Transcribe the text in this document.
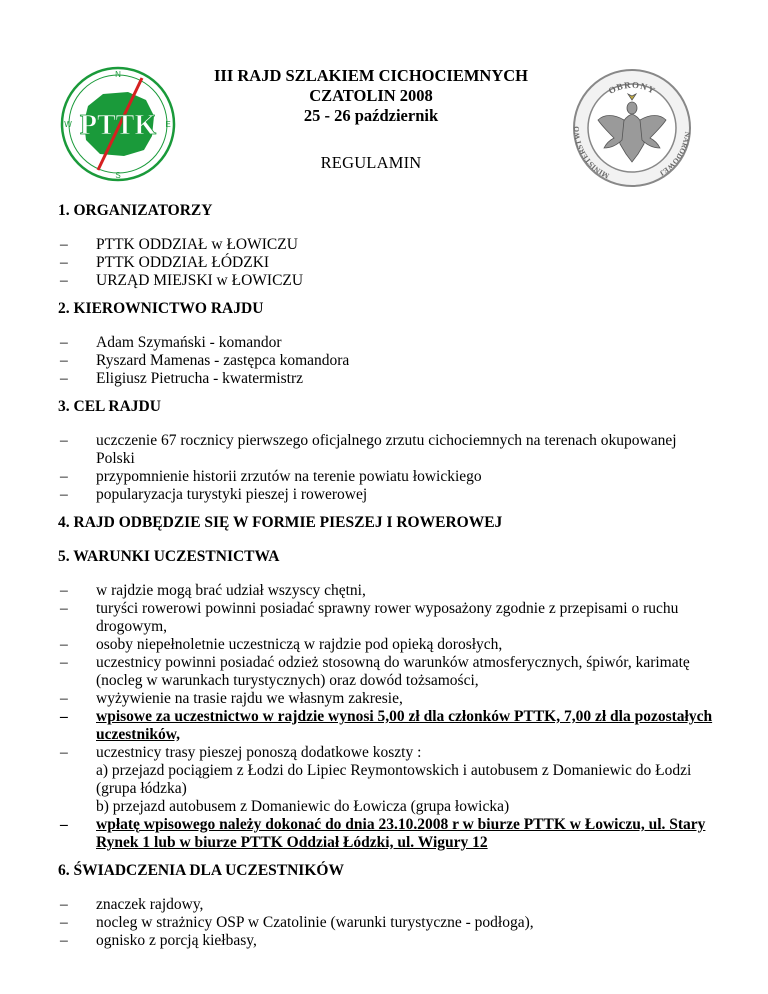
N
E
S
W PTTK
OBRONY
MINISTERSTWO
NARODOWEJ
III RAJD SZLAKIEM CICHOCIEMNYCH
CZATOLIN 2008
25 - 26 październik
REGULAMIN
1. ORGANIZATORZY
– PTTK ODDZIAŁ w ŁOWICZU
– PTTK ODDZIAŁ ŁÓDZKI
– URZĄD MIEJSKI w ŁOWICZU
2. KIEROWNICTWO RAJDU
– Adam Szymański - komandor
– Ryszard Mamenas - zastępca komandora
– Eligiusz Pietrucha - kwatermistrz
3. CEL RAJDU
– uczczenie 67 rocznicy pierwszego oficjalnego zrzutu cichociemnych na terenach okupowanej Polski
– przypomnienie historii zrzutów na terenie powiatu łowickiego
– popularyzacja turystyki pieszej i rowerowej
4. RAJD ODBĘDZIE SIĘ W FORMIE PIESZEJ I ROWEROWEJ
5. WARUNKI UCZESTNICTWA
– w rajdzie mogą brać udział wszyscy chętni,
– turyści rowerowi powinni posiadać sprawny rower wyposażony zgodnie z przepisami o ruchu drogowym,
– osoby niepełnoletnie uczestniczą w rajdzie pod opieką dorosłych,
– uczestnicy powinni posiadać odzież stosowną do warunków atmosferycznych, śpiwór, karimatę (nocleg w warunkach turystycznych) oraz dowód tożsamości,
– wyżywienie na trasie rajdu we własnym zakresie,
– wpisowe za uczestnictwo w rajdzie wynosi 5,00 zł dla członków PTTK, 7,00 zł dla pozostałych uczestników,
– uczestnicy trasy pieszej ponoszą dodatkowe koszty :
a) przejazd pociągiem z Łodzi do Lipiec Reymontowskich i autobusem z Domaniewic do Łodzi (grupa łódzka)
b) przejazd autobusem z Domaniewic do Łowicza (grupa łowicka)
– wpłatę wpisowego należy dokonać do dnia 23.10.2008 r w biurze PTTK w Łowiczu, ul. Stary Rynek 1 lub w biurze PTTK Oddział Łódzki, ul. Wigury 12
6. ŚWIADCZENIA DLA UCZESTNIKÓW
– znaczek rajdowy,
– nocleg w strażnicy OSP w Czatolinie (warunki turystyczne - podłoga),
– ognisko z porcją kiełbasy,
